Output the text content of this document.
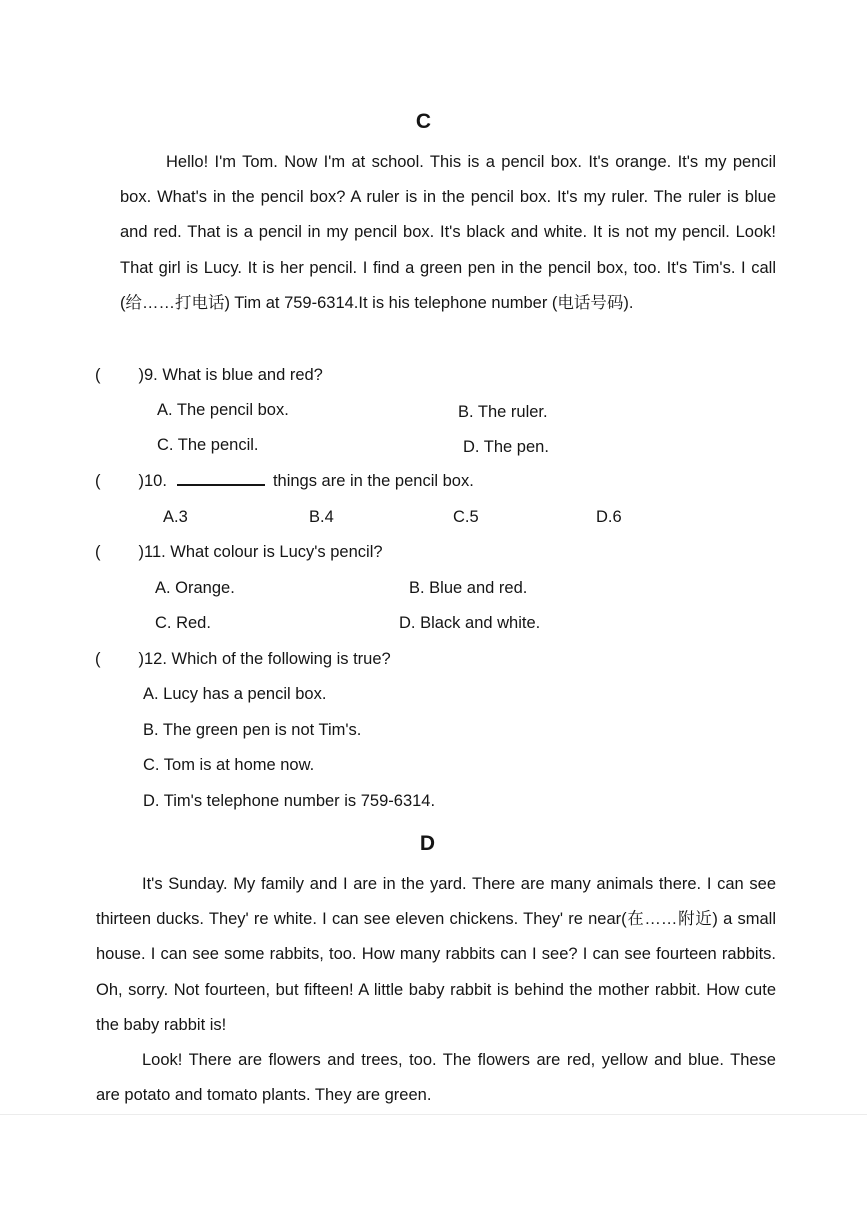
C

Hello! I'm Tom. Now I'm at school. This is a pencil box. It's orange. It's my pencil box. What's in the pencil box? A ruler is in the pencil box. It's my ruler. The ruler is blue and red. That is a pencil in my pencil box. It's black and white. It is not my pencil. Look! That girl is Lucy. It is her pencil. I find a green pen in the pencil box, too. It's Tim's. I call (给……打电话) Tim at 759-6314.It is his telephone number (电话号码).

( )9. What is blue and red?
A. The pencil box.	B. The ruler.
C. The pencil.	D. The pen.
( )10.	things are in the pencil box.
A.3	B.4	C.5	D.6
( )11. What colour is Lucy's pencil?
A. Orange.	B. Blue and red.
C. Red.	D. Black and white.
( )12. Which of the following is true?
A. Lucy has a pencil box.
B. The green pen is not Tim's.
C. Tom is at home now.
D. Tim's telephone number is 759-6314.
D

It's Sunday. My family and I are in the yard. There are many animals there. I can see thirteen ducks. They' re white. I can see eleven chickens. They' re near(在……附近) a small house. I can see some rabbits, too. How many rabbits can I see? I can see fourteen rabbits. Oh, sorry. Not fourteen, but fifteen! A little baby rabbit is behind the mother rabbit. How cute the baby rabbit is!

Look! There are flowers and trees, too. The flowers are red, yellow and blue. These are potato and tomato plants. They are green.
